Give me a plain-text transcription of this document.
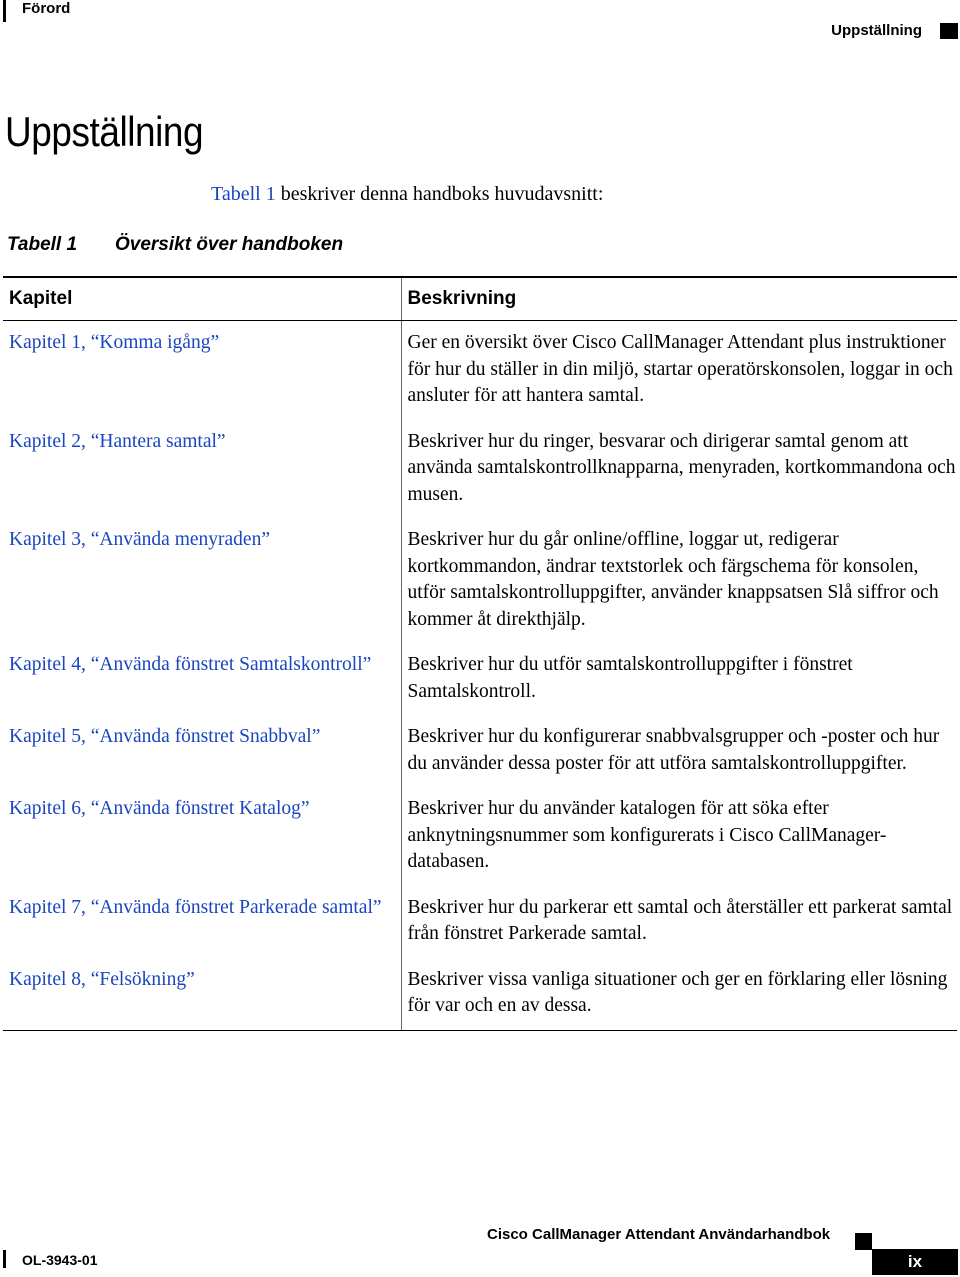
Förord
Uppställning
Uppställning
Tabell 1 beskriver denna handboks huvudavsnitt:
Tabell 1 Översikt över handboken
Kapitel	Beskrivning
Kapitel 1, “Komma igång”	Ger en översikt över Cisco CallManager Attendant plus instruktioner för hur du ställer in din miljö, startar operatörskonsolen, loggar in och ansluter för att hantera samtal.
Kapitel 2, “Hantera samtal”	Beskriver hur du ringer, besvarar och dirigerar samtal genom att använda samtalskontrollknapparna, menyraden, kortkommandona och musen.
Kapitel 3, “Använda menyraden”	Beskriver hur du går online/offline, loggar ut, redigerar kortkommandon, ändrar textstorlek och färgschema för konsolen, utför samtalskontrolluppgifter, använder knappsatsen Slå siffror och kommer åt direkthjälp.
Kapitel 4, “Använda fönstret Samtalskontroll”	Beskriver hur du utför samtalskontrolluppgifter i fönstret Samtalskontroll.
Kapitel 5, “Använda fönstret Snabbval”	Beskriver hur du konfigurerar snabbvalsgrupper och -poster och hur du använder dessa poster för att utföra samtalskontrolluppgifter.
Kapitel 6, “Använda fönstret Katalog”	Beskriver hur du använder katalogen för att söka efter anknytningsnummer som konfigurerats i Cisco CallManager-databasen.
Kapitel 7, “Använda fönstret Parkerade samtal”	Beskriver hur du parkerar ett samtal och återställer ett parkerat samtal från fönstret Parkerade samtal.
Kapitel 8, “Felsökning”	Beskriver vissa vanliga situationer och ger en förklaring eller lösning för var och en av dessa.
Cisco CallManager Attendant Användarhandbok
OL-3943-01	ix
